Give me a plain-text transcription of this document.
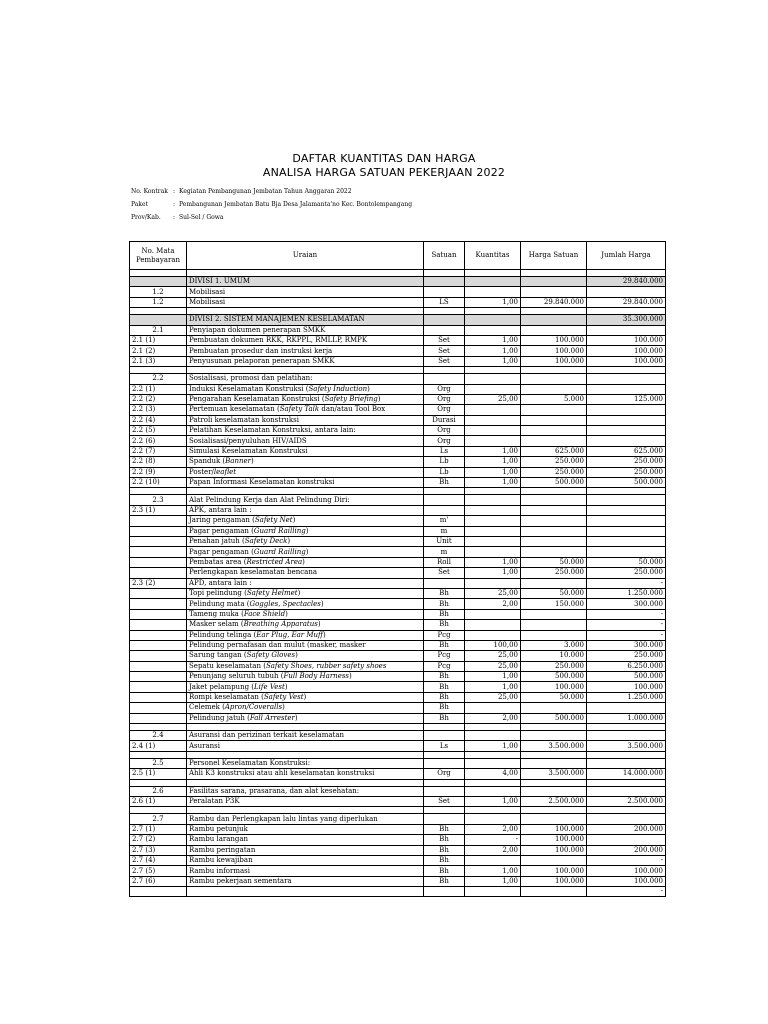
DAFTAR KUANTITAS DAN HARGA
ANALISA HARGA SATUAN PEKERJAAN 2022
No. Kontrak : Kegiatan Pembangunan Jembatan Tahun Anggaran 2022
Paket	: Pembangunan Jembatan Batu Bja Desa Jalamanta'no Kec. Bontolempangang
Prov/Kab.	: Sul-Sel / Gowa
No. Mata Pembayaran	Uraian	Satuan	Kuantitas	Harga Satuan	Jumlah Harga

	DIVISI 1. UMUM				29.840.000
1.2	Mobilisasi				
1.2	Mobilisasi	LS	1,00	29.840.000	29.840.000

	DIVISI 2. SISTEM MANAJEMEN KESELAMATAN				35.300.000
2.1	Penyiapan dokumen penerapan SMKK				
2.1 (1)	Pembuatan dokumen RKK, RKPPL, RMLLP, RMPK	Set	1,00	100.000	100.000
2.1 (2)	Pembuatan prosedur dan instruksi kerja	Set	1,00	100.000	100.000
2.1 (3)	Penyusunan pelaporan penerapan SMKK	Set	1,00	100.000	100.000

2.2	Sosialisasi, promosi dan pelatihan:				
2.2 (1)	Induksi Keselamatan Konstruksi (Safety Induction)	Org			
2.2 (2)	Pengarahan Keselamatan Konstruksi (Safety Briefing)	Org	25,00	5.000	125.000
2.2 (3)	Pertemuan keselamatan (Safety Talk dan/atau Tool Box	Org			
2.2 (4)	Patroli keselamatan konstruksi	Durasi			
2.2 (5)	Pelatihan Keselamatan Konstruksi, antara lain:	Org			
2.2 (6)	Sosialisasi/penyuluhan HIV/AIDS	Org			
2.2 (7)	Simulasi Keselamatan Konstruksi	Ls	1,00	625.000	625.000
2.2 (8)	Spanduk (Banner)	Lb	1,00	250.000	250.000
2.2 (9)	Poster/leaflet	Lb	1,00	250.000	250.000
2.2 (10)	Papan Informasi Keselamatan konstruksi	Bh	1,00	500.000	500.000

2.3	Alat Pelindung Kerja dan Alat Pelindung Diri:				
2.3 (1)	APK, antara lain :				
	Jaring pengaman (Safety Net)	m'			
	Pagar pengaman (Guard Railling)	m			
	Penahan jatuh (Safety Deck)	Unit			
	Pagar pengaman (Guard Railling)	m			
	Pembatas area (Restricted Area)	Roll	1,00	50.000	50.000
	Perlengkapan keselamatan bencana	Set	1,00	250.000	250.000
2.3 (2)	APD, antara lain :				-
	Topi pelindung (Safety Helmet)	Bh	25,00	50.000	1.250.000
	Pelindung mata (Goggles, Spectacles)	Bh	2,00	150.000	300.000
	Tameng muka (Face Shield)	Bh			-
	Masker selam (Breathing Apparatus)	Bh			-
	Pelindung telinga (Ear Plug, Ear Muff)	Pcg			-
	Pelindung pernafasan dan mulut (masker, masker	Bh	100,00	3.000	300.000
	Sarung tangan (Safety Gloves)	Pcg	25,00	10.000	250.000
	Sepatu keselamatan (Safety Shoes, rubber safety shoes	Pcg	25,00	250.000	6.250.000
	Penunjang seluruh tubuh (Full Body Harness)	Bh	1,00	500.000	500.000
	Jaket pelampung (Life Vest)	Bh	1,00	100.000	100.000
	Rompi keselamatan (Safety Vest)	Bh	25,00	50.000	1.250.000
	Celemek (Apron/Coveralls)	Bh			
	Pelindung jatuh (Fall Arrester)	Bh	2,00	500.000	1.000.000

2.4	Asuransi dan perizinan terkait keselamatan				
2.4 (1)	Asuransi	Ls	1,00	3.500.000	3.500.000

2.5	Personel Keselamatan Konstruksi:				
2.5 (1)	Ahli K3 konstruksi atau ahli keselamatan konstruksi	Org	4,00	3.500.000	14.000.000

2.6	Fasilitas sarana, prasarana, dan alat kesehatan:				
2.6 (1)	Peralatan P3K	Set	1,00	2.500.000	2.500.000

2.7	Rambu dan Perlengkapan lalu lintas yang diperlukan				
2.7 (1)	Rambu petunjuk	Bh	2,00	100.000	200.000
2.7 (2)	Rambu larangan	Bh	-	100.000	
2.7 (3)	Rambu peringatan	Bh	2,00	100.000	200.000
2.7 (4)	Rambu kewajiban	Bh			-
2.7 (5)	Rambu informasi	Bh	1,00	100.000	100.000
2.7 (6)	Rambu pekerjaan sementara	Bh	1,00	100.000	100.000
					-
